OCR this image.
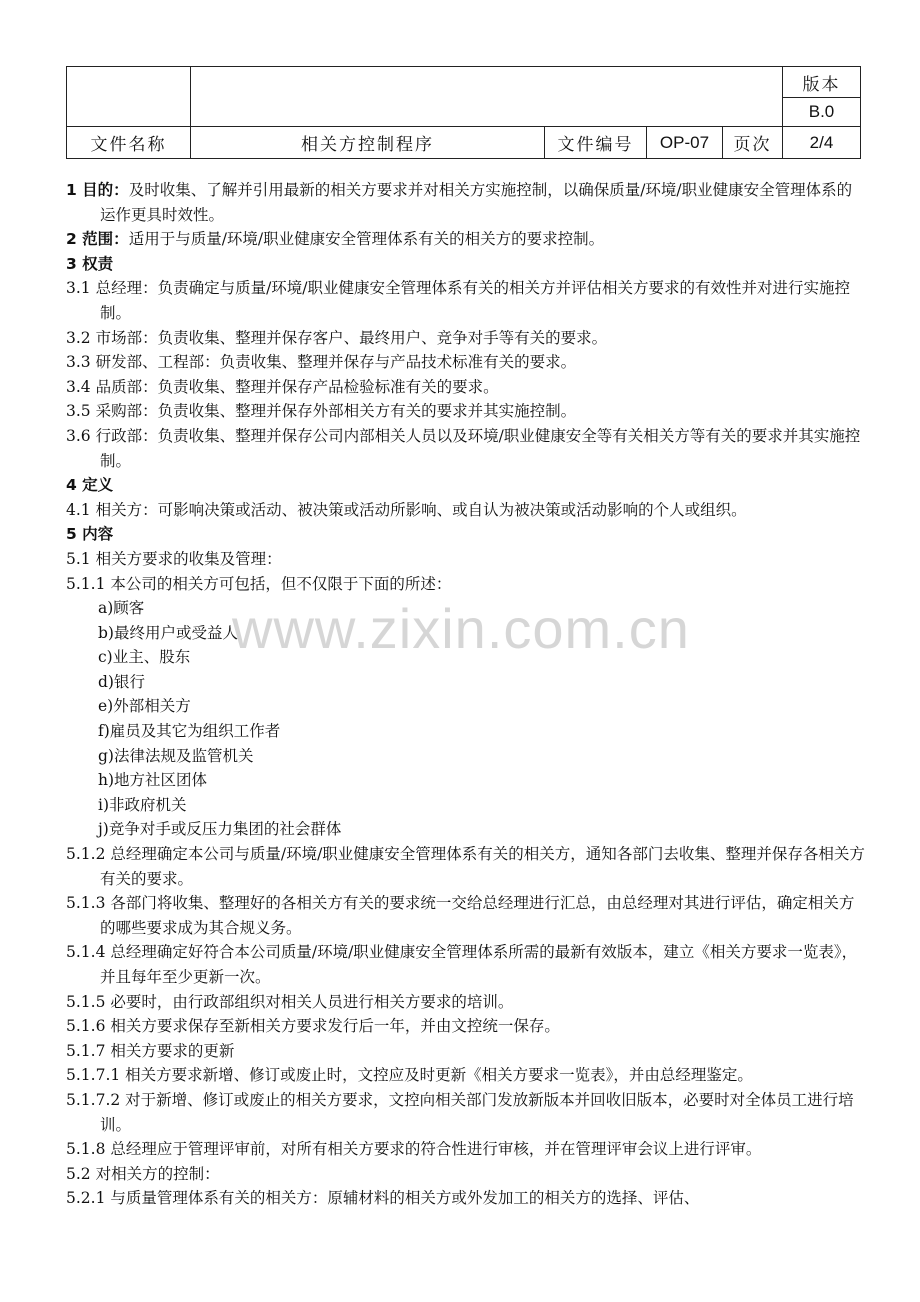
					版本
					B.0
文件名称	相关方控制程序	文件编号	OP-07	页次	2/4

1 目的：及时收集、了解并引用最新的相关方要求并对相关方实施控制，以确保质量/环境/职业健康安全管理体系的运作更具时效性。

2 范围：适用于与质量/环境/职业健康安全管理体系有关的相关方的要求控制。

3 权责

3.1 总经理：负责确定与质量/环境/职业健康安全管理体系有关的相关方并评估相关方要求的有效性并对进行实施控制。

3.2 市场部：负责收集、整理并保存客户、最终用户、竞争对手等有关的要求。

3.3 研发部、工程部：负责收集、整理并保存与产品技术标准有关的要求。

3.4 品质部：负责收集、整理并保存产品检验标准有关的要求。

3.5 采购部：负责收集、整理并保存外部相关方有关的要求并其实施控制。

3.6 行政部：负责收集、整理并保存公司内部相关人员以及环境/职业健康安全等有关相关方等有关的要求并其实施控制。

4 定义

4.1 相关方：可影响决策或活动、被决策或活动所影响、或自认为被决策或活动影响的个人或组织。

5 内容

5.1 相关方要求的收集及管理：

5.1.1 本公司的相关方可包括，但不仅限于下面的所述：

a)顾客

b)最终用户或受益人

c)业主、股东

d)银行

e)外部相关方

f)雇员及其它为组织工作者

g)法律法规及监管机关

h)地方社区团体

i)非政府机关

j)竞争对手或反压力集团的社会群体

5.1.2 总经理确定本公司与质量/环境/职业健康安全管理体系有关的相关方，通知各部门去收集、整理并保存各相关方有关的要求。

5.1.3 各部门将收集、整理好的各相关方有关的要求统一交给总经理进行汇总，由总经理对其进行评估，确定相关方的哪些要求成为其合规义务。

5.1.4 总经理确定好符合本公司质量/环境/职业健康安全管理体系所需的最新有效版本，建立《相关方要求一览表》，并且每年至少更新一次。

5.1.5 必要时，由行政部组织对相关人员进行相关方要求的培训。

5.1.6 相关方要求保存至新相关方要求发行后一年，并由文控统一保存。

5.1.7 相关方要求的更新

5.1.7.1 相关方要求新增、修订或废止时，文控应及时更新《相关方要求一览表》，并由总经理鉴定。

5.1.7.2 对于新增、修订或废止的相关方要求，文控向相关部门发放新版本并回收旧版本，必要时对全体员工进行培训。

5.1.8 总经理应于管理评审前，对所有相关方要求的符合性进行审核，并在管理评审会议上进行评审。

5.2 对相关方的控制：

5.2.1 与质量管理体系有关的相关方：原辅材料的相关方或外发加工的相关方的选择、评估、

www.zixin.com.cn
